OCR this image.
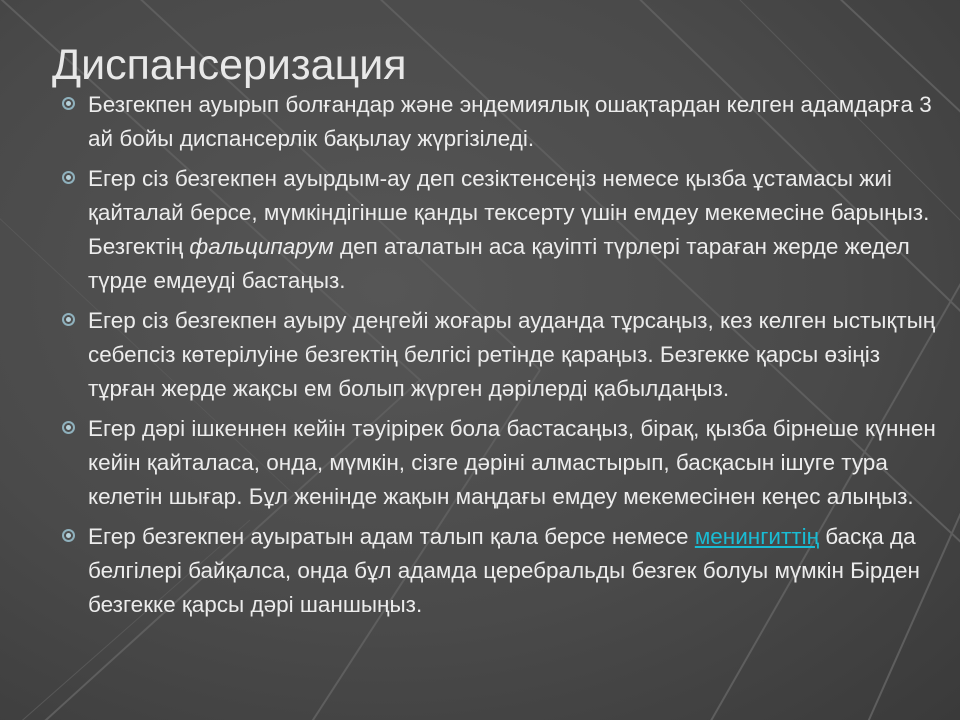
Диспансеризация
Безгекпен ауырып болғандар және эндемиялық ошақтардан келген адамдарға 3 ай бойы диспансерлік бақылау жүргізіледі.
Егер сіз безгекпен ауырдым-ау деп сезіктенсеңіз немесе қызба ұстамасы жиі қайталай берсе, мүмкіндігінше қанды тексерту үшін емдеу мекемесіне барыңыз. Безгектің фальципарум деп аталатын аса қауіпті түрлері тараған жерде жедел түрде емдеуді бастаңыз.
Егер сіз безгекпен ауыру деңгейі жоғары ауданда тұрсаңыз, кез келген ыстықтың себепсіз көтерілуіне безгектің белгісі ретінде қараңыз. Безгекке қарсы өзіңіз тұрған жерде жақсы ем болып жүрген дәрілерді қабылдаңыз.
Егер дәрі ішкеннен кейін тәуірірек бола бастасаңыз, бірақ, қызба бірнеше күннен кейін қайталаса, онда, мүмкін, сізге дәріні алмастырып, басқасын ішуге тура келетін шығар. Бұл женінде жақын маңдағы емдеу мекемесінен кеңес алыңыз.
Егер безгекпен ауыратын адам талып қала берсе немесе менингиттің басқа да белгілері байқалса, онда бұл адамда церебральды безгек болуы мүмкін Бірден безгекке қарсы дәрі шаншыңыз.
